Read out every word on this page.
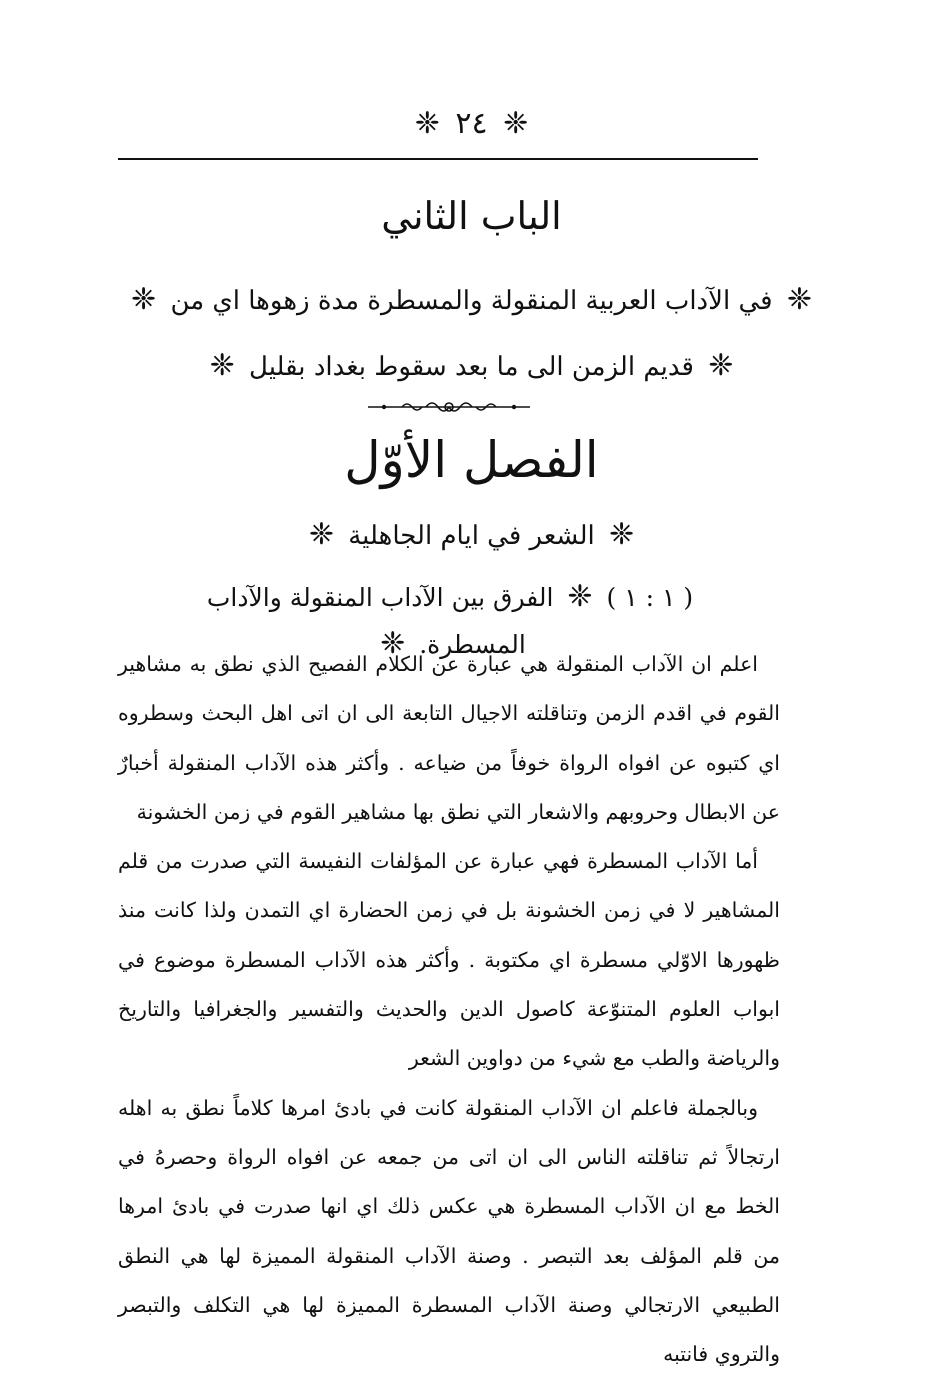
❈ ٢٤ ❈
الباب الثاني
❈ في الآداب العربية المنقولة والمسطرة مدة زهوها اي من ❈
❈ قديم الزمن الى ما بعد سقوط بغداد بقليل ❈
الفصل الأوّل
❈ الشعر في ايام الجاهلية ❈
( ١ : ١ ) ❈ الفرق بين الآداب المنقولة والآداب المسطرة. ❈

اعلم ان الآداب المنقولة هي عبارة عن الكلام الفصيح الذي نطق به مشاهير القوم في اقدم الزمن وتناقلته الاجيال التابعة الى ان اتى اهل البحث وسطروه اي كتبوه عن افواه الرواة خوفاً من ضياعه . وأكثر هذه الآداب المنقولة أخبارٌ عن الابطال وحروبهم والاشعار التي نطق بها مشاهير القوم في زمن الخشونة

أما الآداب المسطرة فهي عبارة عن المؤلفات النفيسة التي صدرت من قلم المشاهير لا في زمن الخشونة بل في زمن الحضارة اي التمدن ولذا كانت منذ ظهورها الاوّلي مسطرة اي مكتوبة . وأكثر هذه الآداب المسطرة موضوع في ابواب العلوم المتنوّعة كاصول الدين والحديث والتفسير والجغرافيا والتاريخ والرياضة والطب مع شيء من دواوين الشعر

وبالجملة فاعلم ان الآداب المنقولة كانت في بادئ امرها كلاماً نطق به اهله ارتجالاً ثم تناقلته الناس الى ان اتى من جمعه عن افواه الرواة وحصرهُ في الخط مع ان الآداب المسطرة هي عكس ذلك اي انها صدرت في بادئ امرها من قلم المؤلف بعد التبصر . وصنة الآداب المنقولة المميزة لها هي النطق الطبيعي الارتجالي وصنة الآداب المسطرة المميزة لها هي التكلف والتبصر والتروي فانتبه
